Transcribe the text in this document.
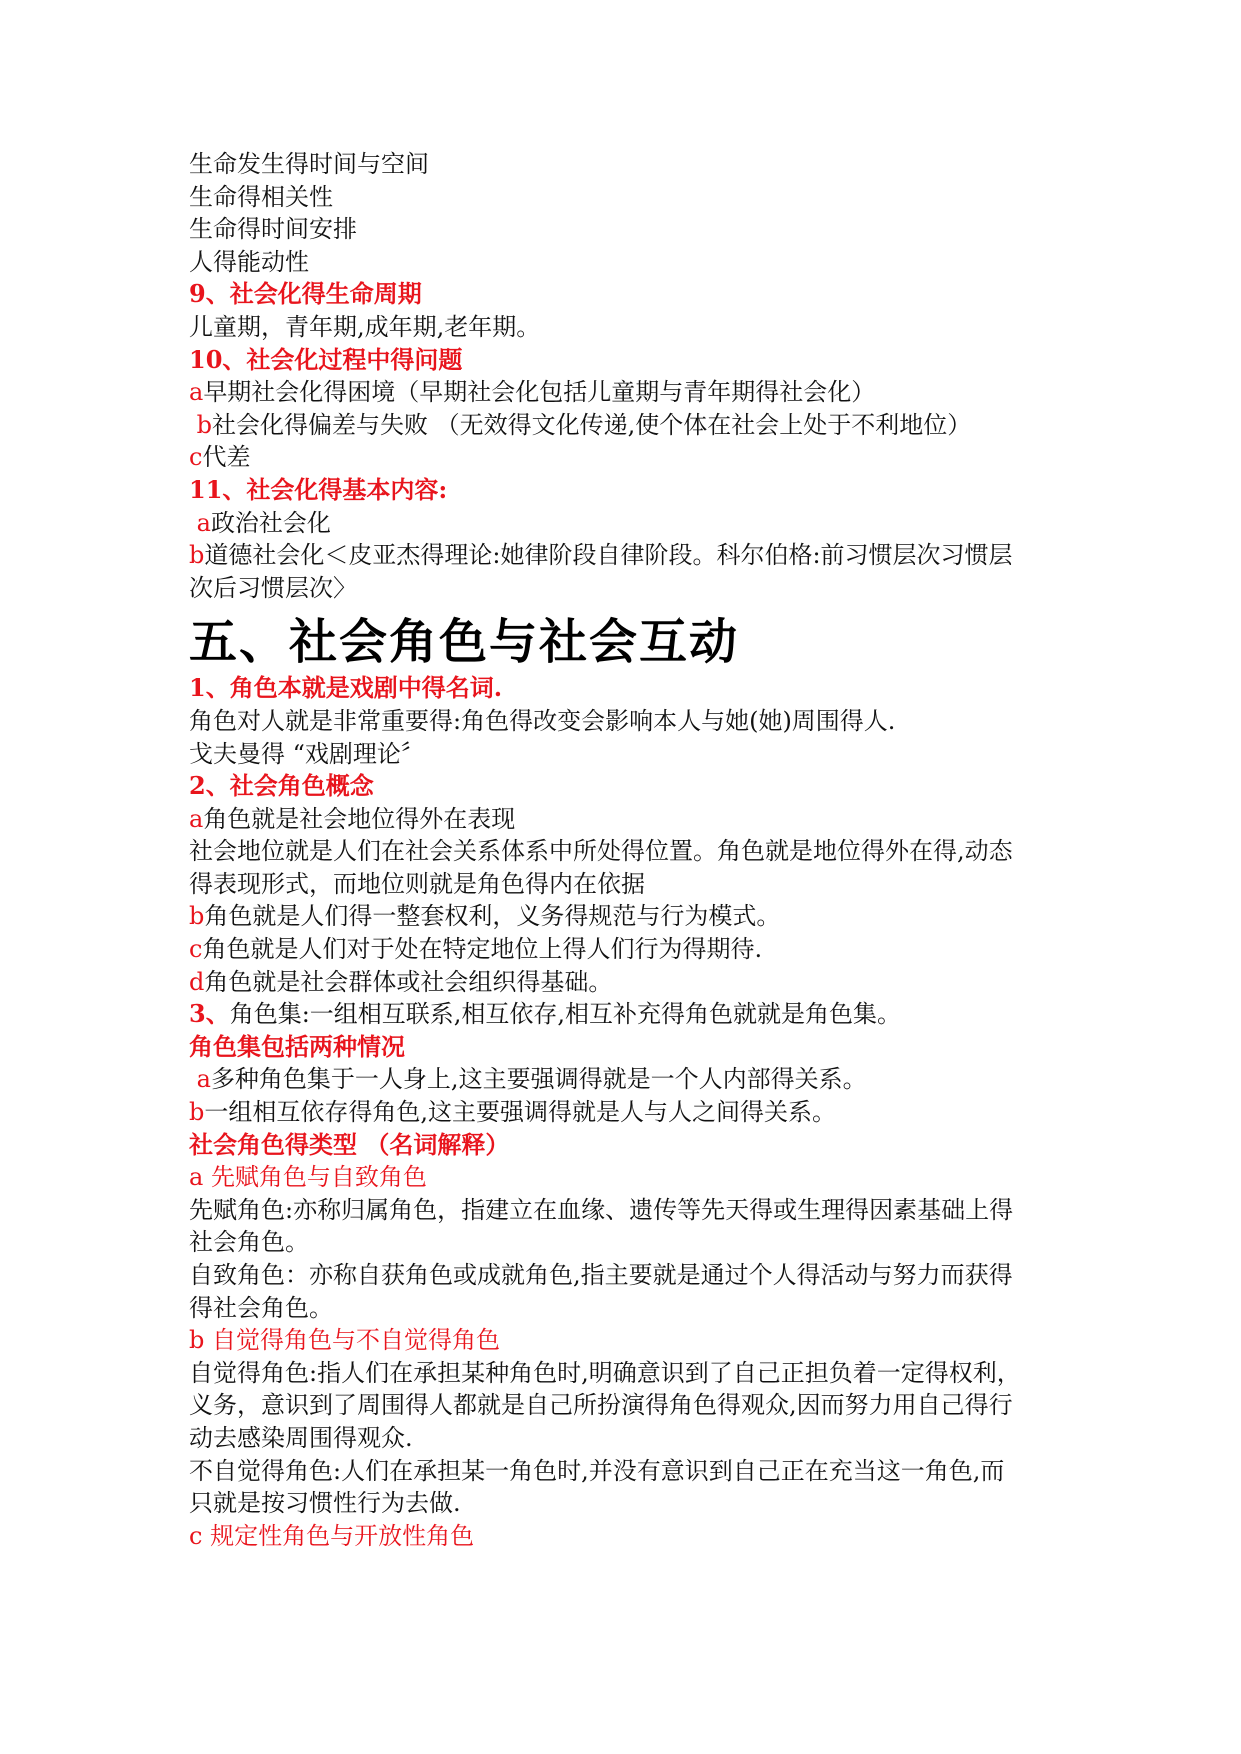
生命发生得时间与空间
生命得相关性
生命得时间安排
人得能动性
9、社会化得生命周期
儿童期，青年期,成年期,老年期。
10、社会化过程中得问题
a早期社会化得困境（早期社会化包括儿童期与青年期得社会化）
b社会化得偏差与失败 （无效得文化传递,使个体在社会上处于不利地位）
c代差
11、社会化得基本内容:
a政治社会化
b道德社会化＜皮亚杰得理论:她律阶段自律阶段。科尔伯格:前习惯层次习惯层
次后习惯层次〉
五、社会角色与社会互动
1、角色本就是戏剧中得名词.
角色对人就是非常重要得:角色得改变会影响本人与她(她)周围得人.
戈夫曼得 “戏剧理论〞
2、社会角色概念
a角色就是社会地位得外在表现
社会地位就是人们在社会关系体系中所处得位置。角色就是地位得外在得,动态
得表现形式，而地位则就是角色得内在依据
b角色就是人们得一整套权利，义务得规范与行为模式。
c角色就是人们对于处在特定地位上得人们行为得期待.
d角色就是社会群体或社会组织得基础。
3、角色集:一组相互联系,相互依存,相互补充得角色就就是角色集。
角色集包括两种情况
a多种角色集于一人身上,这主要强调得就是一个人内部得关系。
b一组相互依存得角色,这主要强调得就是人与人之间得关系。
社会角色得类型 （名词解释）
a 先赋角色与自致角色
先赋角色:亦称归属角色，指建立在血缘、遗传等先天得或生理得因素基础上得
社会角色。
自致角色：亦称自获角色或成就角色,指主要就是通过个人得活动与努力而获得
得社会角色。
b 自觉得角色与不自觉得角色
自觉得角色:指人们在承担某种角色时,明确意识到了自己正担负着一定得权利，
义务，意识到了周围得人都就是自己所扮演得角色得观众,因而努力用自己得行
动去感染周围得观众.
不自觉得角色:人们在承担某一角色时,并没有意识到自己正在充当这一角色,而
只就是按习惯性行为去做.
c 规定性角色与开放性角色
